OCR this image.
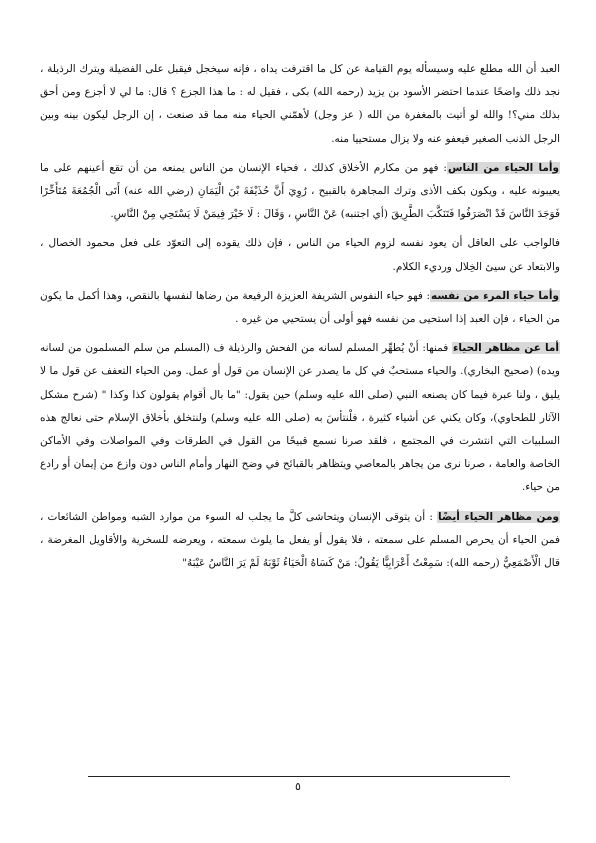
العبد أن الله مطلع عليه وسيسأله يوم القيامة عن كل ما اقترفت يداه ، فإنه سيخجل فيقبل على الفضيلة ويترك الرذيلة ، نجد ذلك واضحًا عندما احتضر الأسود بن يزيد (رحمه الله) بكى ، فقيل له : ما هذا الجزع ؟ قال: ما لي لا أجزع ومن أحق بذلك مني؟! والله لو أتيت بالمغفرة من الله ( عز وجل) لأهمّني الحياء منه مما قد صنعت ، إن الرجل ليكون بينه وبين الرجل الذنب الصغير فيعفو عنه ولا يزال مستحييا منه.

وأما الحياء من الناس: فهو من مكارم الأخلاق كذلك ، فحياء الإنسان من الناس يمنعه من أن تقع أعينهم على ما يعيبونه عليه ، ويكون بكف الأذى وترك المجاهرة بالقبيح ، رُوِيَ أَنَّ حُذَيْفَةَ بْنَ الْيَمَانِ (رضي الله عنه) أَتَى الْجُمُعَةَ مُتَأَخِّرًا فَوَجَدَ النَّاسَ قَدْ انْصَرَفُوا فَتَنَكَّبَ الطَّرِيقَ (أي اجتنبه) عَنْ النَّاسِ ، وَقَالَ : لَا خَيْرَ فِيمَنْ لَا يَسْتَحِي مِنْ النَّاسِ.

فالواجب على العاقل أن يعود نفسه لزوم الحياء من الناس ، فإن ذلك يقوده إلى التعوّد على فعل محمود الخصال ، والابتعاد عن سيئ الخِلال ورديء الكلام.

وأما حياء المرء من نفسه: فهو حياء النفوس الشريفة العزيزة الرفيعة من رضاها لنفسها بالنقص، وهذا أكمل ما يكون من الحياء ، فإن العبد إذا استحيى من نفسه فهو أولى أن يستحيي من غيره .

أما عن مظاهر الحياء فمنها: أنْ يُطهِّر المسلم لسانه من الفحش والرذيلة ف (المسلم من سلم المسلمون من لسانه ويده) (صحيح البخاري). والحياء مستحبٌ في كل ما يصدر عن الإنسان من قول أو عمل. ومن الحياء التعفف عن قول ما لا يليق ، ولنا عبرة فيما كان يصنعه النبي (صلى الله عليه وسلم) حين يقول: "ما بال أقوام يقولون كذا وكذا " (شرح مشكل الآثار للطحاوي)، وكان يكني عن أشياء كثيرة ، فلْنتأسَ به (صلى الله عليه وسلم) ولنتخلق بأخلاق الإسلام حتى نعالج هذه السلبيات التي انتشرت في المجتمع ، فلقد صرنا نسمع قبيحًا من القول في الطرقات وفي المواصلات وفي الأماكن الخاصة والعامة ، صرنا نرى من يجاهر بالمعاصي ويتظاهر بالقبائح في وضح النهار وأمام الناس دون وازع من إيمان أو رادع من حياء.

ومن مظاهر الحياء أيضًا : أن يتوقى الإنسان ويتحاشى كلَّ ما يجلب له السوء من موارد الشبه ومواطن الشائعات ، فمن الحياء أن يحرص المسلم على سمعته ، فلا يقول أو يفعل ما يلوث سمعته ، ويعرضه للسخرية والأقاويل المغرضة ، قال الْأَصْمَعِيُّ (رحمه الله): سَمِعْتُ أَعْرَابِيًّا يَقُولُ: مَنْ كَسَاهُ الْحَيَاءُ ثَوْبَهُ لَمْ يَرَ النَّاسُ عَيْبَهُ"

٥
